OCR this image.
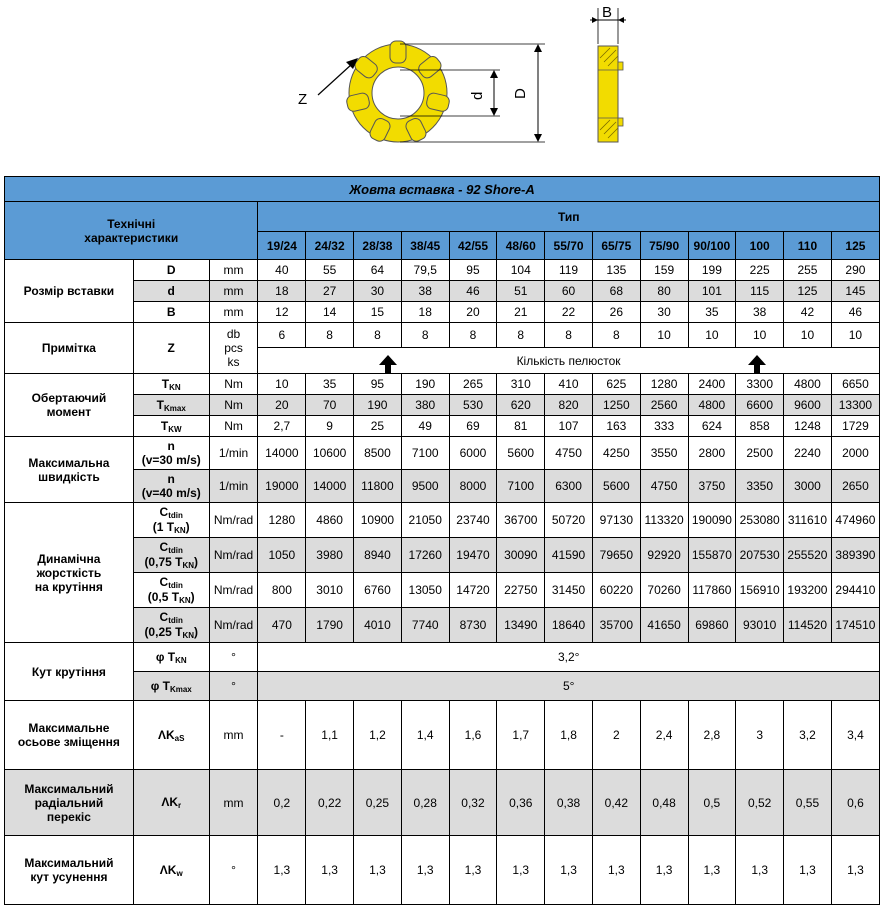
Z	d D
B
Жовта вставка - 92 Shore-A															
Технічні
характеристики			Тип												
			19/24	24/32	28/38	38/45	42/55	48/60	55/70	65/75	75/90	90/100	100	110	125
Розмір вставки	D	mm	40	55	64	79,5	95	104	119	135	159	199	225	255	290
	d	mm	18	27	30	38	46	51	60	68	80	101	115	125	145
	B	mm	12	14	15	18	20	21	22	26	30	35	38	42	46
Примітка	Z	db
pcs
ks	6	8	8	8	8	8	8	8	10	10	10	10	10
						Кількість пелюсток									
Обертаючий
момент	$T_{KN}$	Nm	10	35	95	190	265	310	410	625	1280	2400	3300	4800	6650
	$T_{Kmax}$	Nm	20	70	190	380	530	620	820	1250	2560	4800	6600	9600	13300
	$T_{KW}$	Nm	2,7	9	25	49	69	81	107	163	333	624	858	1248	1729
Максимальна
швидкість	n
(v=30 m/s)	1/min	14000	10600	8500	7100	6000	5600	4750	4250	3550	2800	2500	2240	2000
	n
(v=40 m/s)	1/min	19000	14000	11800	9500	8000	7100	6300	5600	4750	3750	3350	3000	2650
Динамічна
жорсткість
на крутіння	$C_{tdin}$
(1 $T_{KN}$)	Nm/rad	1280	4860	10900	21050	23740	36700	50720	97130	113320	190090	253080	311610	474960
	$C_{tdin}$
(0,75 $T_{KN}$)	Nm/rad	1050	3980	8940	17260	19470	30090	41590	79650	92920	155870	207530	255520	389390
	$C_{tdin}$
(0,5 $T_{KN}$)	Nm/rad	800	3010	6760	13050	14720	22750	31450	60220	70260	117860	156910	193200	294410
	$C_{tdin}$
(0,25 $T_{KN}$)	Nm/rad	470	1790	4010	7740	8730	13490	18640	35700	41650	69860	93010	114520	174510
Кут крутіння	φ $T_{KN}$	°	3,2°												
	φ $T_{Kmax}$	°	5°												
Максимальне
осьове зміщення	$\Lambda K_{aS}$	mm	-	1,1	1,2	1,4	1,6	1,7	1,8	2	2,4	2,8	3	3,2	3,4
Максимальний
радіальний
перекіс	$\Lambda K_r$	mm	0,2	0,22	0,25	0,28	0,32	0,36	0,38	0,42	0,48	0,5	0,52	0,55	0,6
Максимальний
кут усунення	$\Lambda K_w$	°	1,3	1,3	1,3	1,3	1,3	1,3	1,3	1,3	1,3	1,3	1,3	1,3	1,3
